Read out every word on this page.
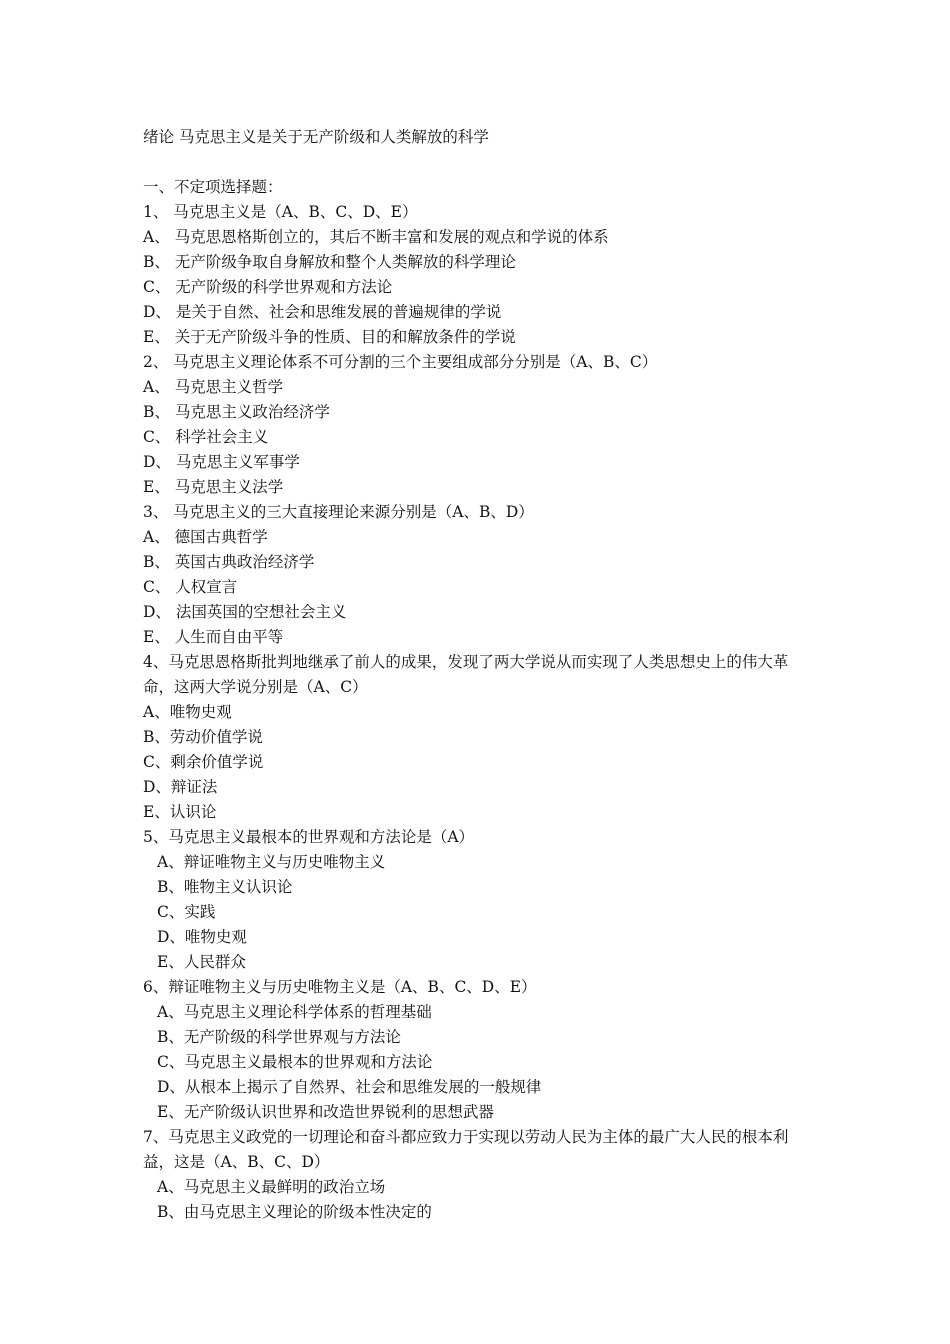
绪论 马克思主义是关于无产阶级和人类解放的科学
一、不定项选择题：
1、 马克思主义是（A、B、C、D、E）
A、 马克思恩格斯创立的，其后不断丰富和发展的观点和学说的体系
B、 无产阶级争取自身解放和整个人类解放的科学理论
C、 无产阶级的科学世界观和方法论
D、 是关于自然、社会和思维发展的普遍规律的学说
E、 关于无产阶级斗争的性质、目的和解放条件的学说
2、 马克思主义理论体系不可分割的三个主要组成部分分别是（A、B、C）
A、 马克思主义哲学
B、 马克思主义政治经济学
C、 科学社会主义
D、 马克思主义军事学
E、 马克思主义法学
3、 马克思主义的三大直接理论来源分别是（A、B、D）
A、 德国古典哲学
B、 英国古典政治经济学
C、 人权宣言
D、 法国英国的空想社会主义
E、 人生而自由平等
4、马克思恩格斯批判地继承了前人的成果，发现了两大学说从而实现了人类思想史上的伟大革命，这两大学说分别是（A、C）
A、唯物史观
B、劳动价值学说
C、剩余价值学说
D、辩证法
E、认识论
5、马克思主义最根本的世界观和方法论是（A）
A、辩证唯物主义与历史唯物主义
B、唯物主义认识论
C、实践
D、唯物史观
E、人民群众
6、辩证唯物主义与历史唯物主义是（A、B、C、D、E）
A、马克思主义理论科学体系的哲理基础
B、无产阶级的科学世界观与方法论
C、马克思主义最根本的世界观和方法论
D、从根本上揭示了自然界、社会和思维发展的一般规律
E、无产阶级认识世界和改造世界锐利的思想武器
7、马克思主义政党的一切理论和奋斗都应致力于实现以劳动人民为主体的最广大人民的根本利益，这是（A、B、C、D）
A、马克思主义最鲜明的政治立场
B、由马克思主义理论的阶级本性决定的
